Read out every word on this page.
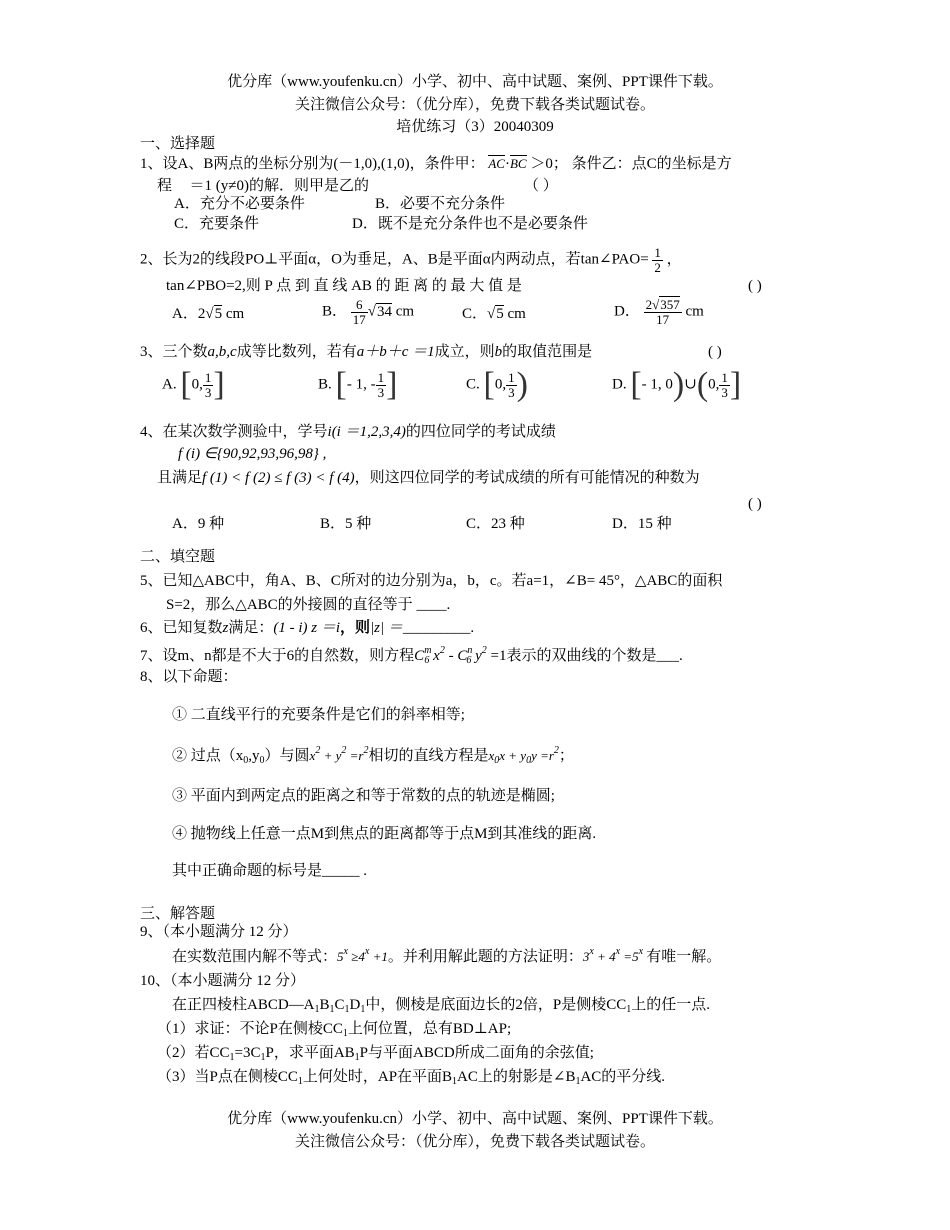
优分库（www.youfenku.cn）小学、初中、高中试题、案例、PPT课件下载。
关注微信公众号：（优分库），免费下载各类试题试卷。
培优练习（3）20040309
一、选择题
1、设A、B两点的坐标分别为(－1,0),(1,0)，条件甲： AC·BC ＞0； 条件乙：点C的坐标是方
程 ＝1 (y≠0)的解．则甲是乙的	（ ）
A．充分不必要条件	B．必要不充分条件
C．充要条件	D．既不是充分条件也不是必要条件
2、长为2的线段PO⊥平面α，O为垂足，A、B是平面α内两动点，若tan∠PAO= $\frac{1}{2}$ ，
tan∠PBO=2,则 P 点 到 直 线 AB 的 距 离 的 最 大 值 是	( )
A．2√5 cm	B． $\frac{6}{17} √34$ cm	C．√5 cm	D． $\frac{2√357}{17}$ cm
3、三个数a,b,c成等比数列，若有a＋b＋c ＝1成立，则b的取值范围是	( )
A. [0, $\frac{1}{3}$ ]	B. [- 1, - $\frac{1}{3}$ ]	C. [0, $\frac{1}{3}$ )	D. [- 1, 0)∪(0, $\frac{1}{3}$ ]
4、在某次数学测验中，学号i(i ＝1,2,3,4)的四位同学的考试成绩
f (i) ∈{90,92,93,96,98} ,
且满足f (1) < f (2) ≤ f (3) < f (4)，则这四位同学的考试成绩的所有可能情况的种数为
( )
A．9 种	B．5 种	C．23 种	D．15 种
二、填空题
5、已知△ABC中，角A、B、C所对的边分别为a，b，c。若a=1，∠B= 45°，△ABC的面积
S=2，那么△ABC的外接圆的直径等于 ____.
6、已知复数z满足：(1 - i) z ＝i，则|z| ＝_________.
7、设m、n都是不大于6的自然数，则方程$C^m_6$ $x^2 - C^n_6$ $y^2 =1$表示的双曲线的个数是___.
8、以下命题：
① 二直线平行的充要条件是它们的斜率相等;
② 过点$(x_0,y_0)$与圆$x^2 + y^2 =r^2$相切的直线方程是$x_0x + y_0y =r^2$；
③ 平面内到两定点的距离之和等于常数的点的轨迹是椭圆;
④ 抛物线上任意一点M到焦点的距离都等于点M到其准线的距离.
其中正确命题的标号是_____ .
三、解答题
9、（本小题满分 12 分）
在实数范围内解不等式：$5^x \ge 4^x +1$。并利用解此题的方法证明：$3^x + 4^x =5^x$ 有唯一解。
10、（本小题满分 12 分）
在正四棱柱$ABCD—A_1B_1C_1D_1$中，侧棱是底面边长的2倍，P是侧棱$CC_1$上的任一点.
（1）求证：不论P在侧棱$CC_1$上何位置，总有BD⊥AP;
（2）若$CC_1=3C_1P$，求平面$AB_1P$与平面ABCD所成二面角的余弦值;
（3）当P点在侧棱$CC_1$上何处时，AP在平面$B_1AC$上的射影是$\angle B_1AC$的平分线.
优分库（www.youfenku.cn）小学、初中、高中试题、案例、PPT课件下载。
关注微信公众号：（优分库），免费下载各类试题试卷。
